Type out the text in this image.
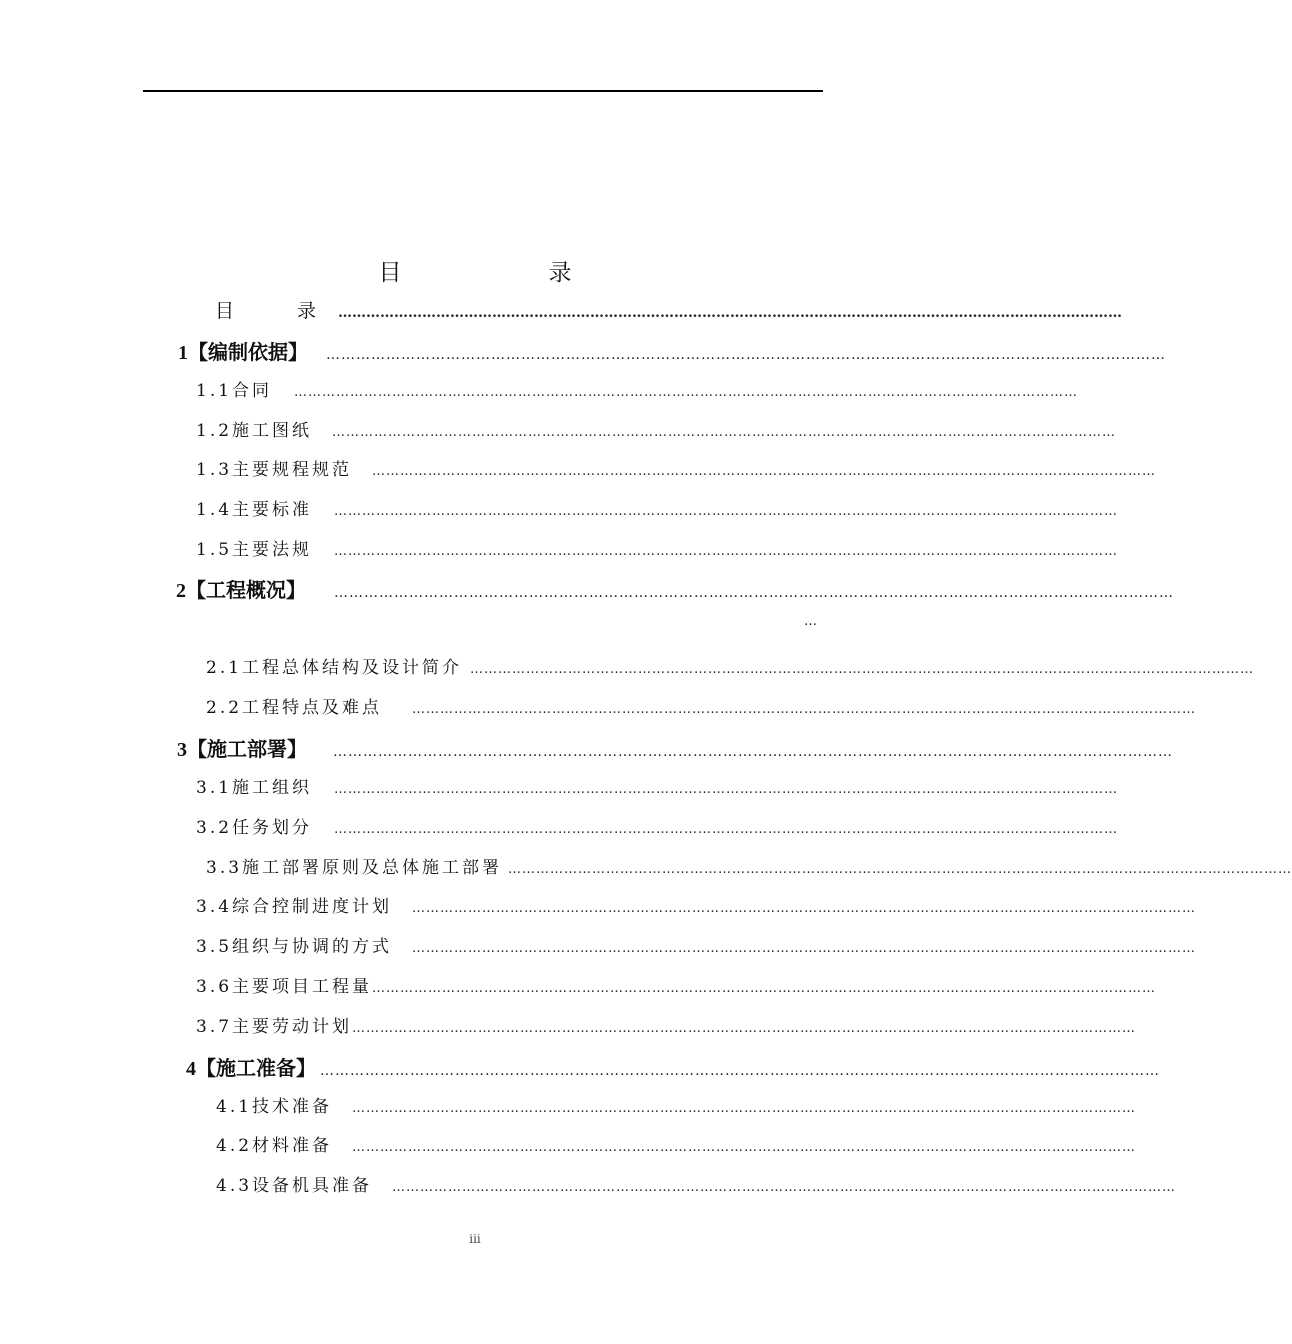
目　录
目　录 ……………………………………………………………………………………………………………………………………………………
1【编制依据】 ……………………………………………………………………………………………………………………………………………………
1.1合同 ……………………………………………………………………………………………………………………………………………………
1.2施工图纸 ……………………………………………………………………………………………………………………………………………………
1.3主要规程规范 ……………………………………………………………………………………………………………………………………………………
1.4主要标准 ……………………………………………………………………………………………………………………………………………………
1.5主要法规 ……………………………………………………………………………………………………………………………………………………
2【工程概况】 ……………………………………………………………………………………………………………………………………………………
…
2.1工程总体结构及设计简介 ……………………………………………………………………………………………………………………………………………………
2.2工程特点及难点 ……………………………………………………………………………………………………………………………………………………
3【施工部署】 ……………………………………………………………………………………………………………………………………………………
3.1施工组织 ……………………………………………………………………………………………………………………………………………………
3.2任务划分 ……………………………………………………………………………………………………………………………………………………
3.3施工部署原则及总体施工部署 ……………………………………………………………………………………………………………………………………………………
3.4综合控制进度计划 ……………………………………………………………………………………………………………………………………………………
3.5组织与协调的方式 ……………………………………………………………………………………………………………………………………………………
3.6主要项目工程量 ……………………………………………………………………………………………………………………………………………………
3.7主要劳动计划 ……………………………………………………………………………………………………………………………………………………
4【施工准备】 ……………………………………………………………………………………………………………………………………………………
4.1技术准备 ……………………………………………………………………………………………………………………………………………………
4.2材料准备 ……………………………………………………………………………………………………………………………………………………
4.3设备机具准备 ……………………………………………………………………………………………………………………………………………………
iii
